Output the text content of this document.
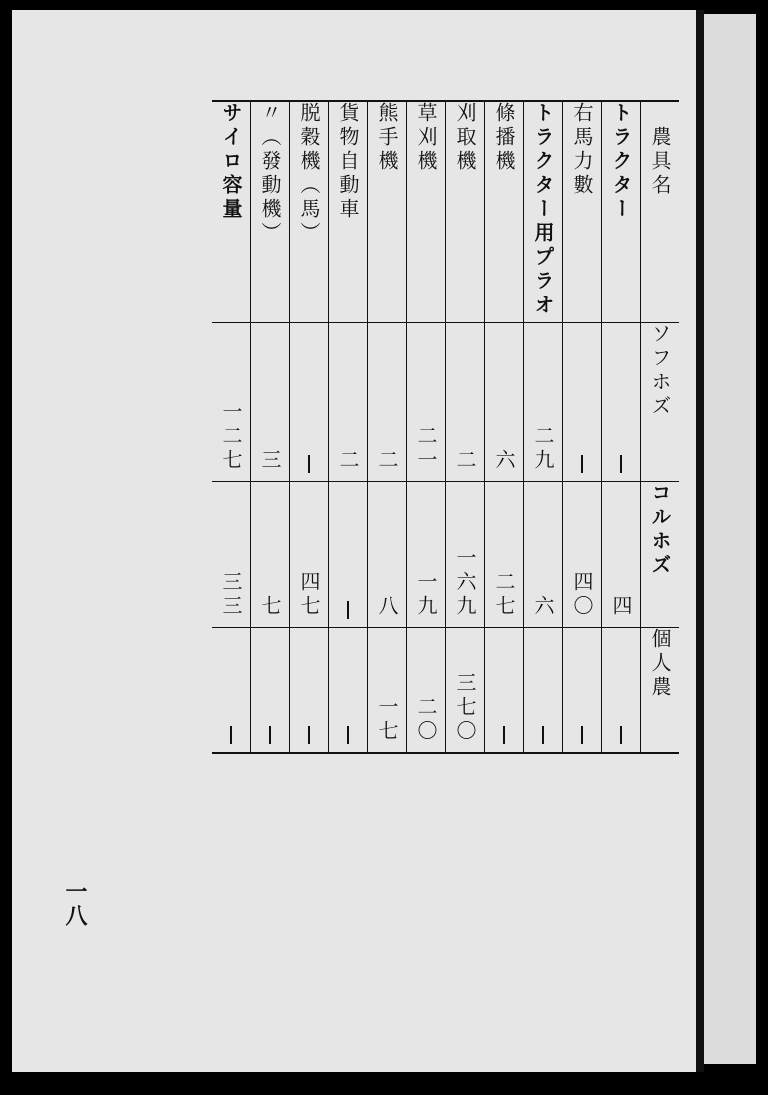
サイロ容量	〃（發動機）	脱穀機（馬）	貨物自動車	熊手機	草刈機	刈取機	條播機	トラクター用プラオ	右馬力數	トラクター	農具名

一二七	三		二	二	二一	二	六	二九			ソフホズ

三三	七	四七		八	一九	一六九	二七	六	四〇	四	コルホズ

				一七	二〇	三七〇					個人農
一八
